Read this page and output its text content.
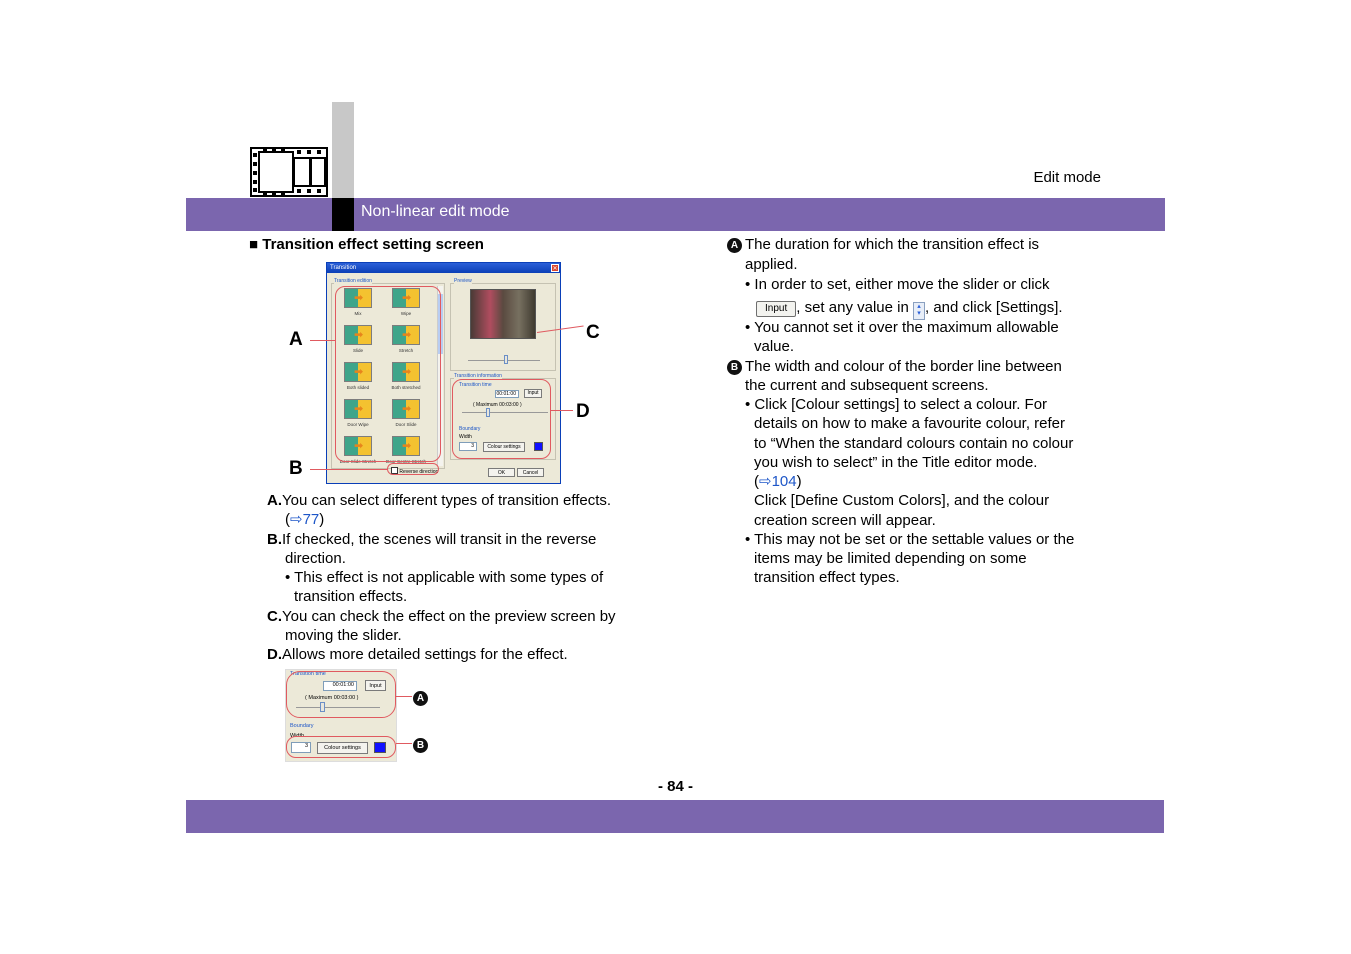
Edit mode
Non-linear edit mode
■ Transition effect setting screen
Transition	✕
Transition edition
➡
Mix
➡	Wipe
➡
Slide
➡	Stretch
➡
Both slided
➡	Both stretched
➡
Door Wipe
➡	Door Slide
➡
Door Slide Stretch
➡	Door Centre Stretch
Reverse direction
Preview
Transition information
Transition time
00:01:00	Input
( Maximum 00:03:00 )
Boundary
Width
3	Colour settings
OK	Cancel
A
B
C
D
A.You can select different types of transition effects.
(⇨77)
B.If checked, the scenes will transit in the reverse
direction.
• This effect is not applicable with some types of
transition effects.
C.You can check the effect on the preview screen by
moving the slider.
D.Allows more detailed settings for the effect.
Transition time
00:01:00	Input
( Maximum 00:03:00 )
Boundary
Width
3	Colour settings
A
B
A The duration for which the transition effect is
applied.
• In order to set, either move the slider or click
Input , set any value in ▴
▾ , and click [Settings].
• You cannot set it over the maximum allowable
value.
B The width and colour of the border line between
the current and subsequent screens.
• Click [Colour settings] to select a colour. For
details on how to make a favourite colour, refer
to “When the standard colours contain no colour
you wish to select” in the Title editor mode.
(⇨104)
Click [Define Custom Colors], and the colour
creation screen will appear.
• This may not be set or the settable values or the
items may be limited depending on some
transition effect types.
- 84 -
